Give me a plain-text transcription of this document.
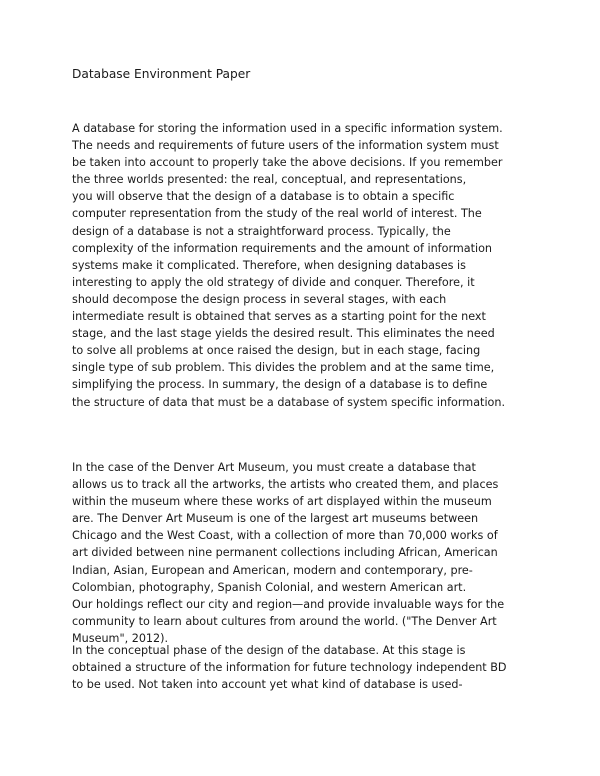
Database Environment Paper
A database for storing the information used in a specific information system.
The needs and requirements of future users of the information system must
be taken into account to properly take the above decisions. If you remember
the three worlds presented: the real, conceptual, and representations,
you will observe that the design of a database is to obtain a specific
computer representation from the study of the real world of interest. The
design of a database is not a straightforward process. Typically, the
complexity of the information requirements and the amount of information
systems make it complicated. Therefore, when designing databases is
interesting to apply the old strategy of divide and conquer. Therefore, it
should decompose the design process in several stages, with each
intermediate result is obtained that serves as a starting point for the next
stage, and the last stage yields the desired result. This eliminates the need
to solve all problems at once raised the design, but in each stage, facing
single type of sub problem. This divides the problem and at the same time,
simplifying the process. In summary, the design of a database is to define
the structure of data that must be a database of system specific information.
In the case of the Denver Art Museum, you must create a database that
allows us to track all the artworks, the artists who created them, and places
within the museum where these works of art displayed within the museum
are. The Denver Art Museum is one of the largest art museums between
Chicago and the West Coast, with a collection of more than 70,000 works of
art divided between nine permanent collections including African, American
Indian, Asian, European and American, modern and contemporary, pre-
Colombian, photography, Spanish Colonial, and western American art.
Our holdings reflect our city and region—and provide invaluable ways for the
community to learn about cultures from around the world. ("The Denver Art
Museum", 2012).
In the conceptual phase of the design of the database. At this stage is
obtained a structure of the information for future technology independent BD
to be used. Not taken into account yet what kind of database is used-
